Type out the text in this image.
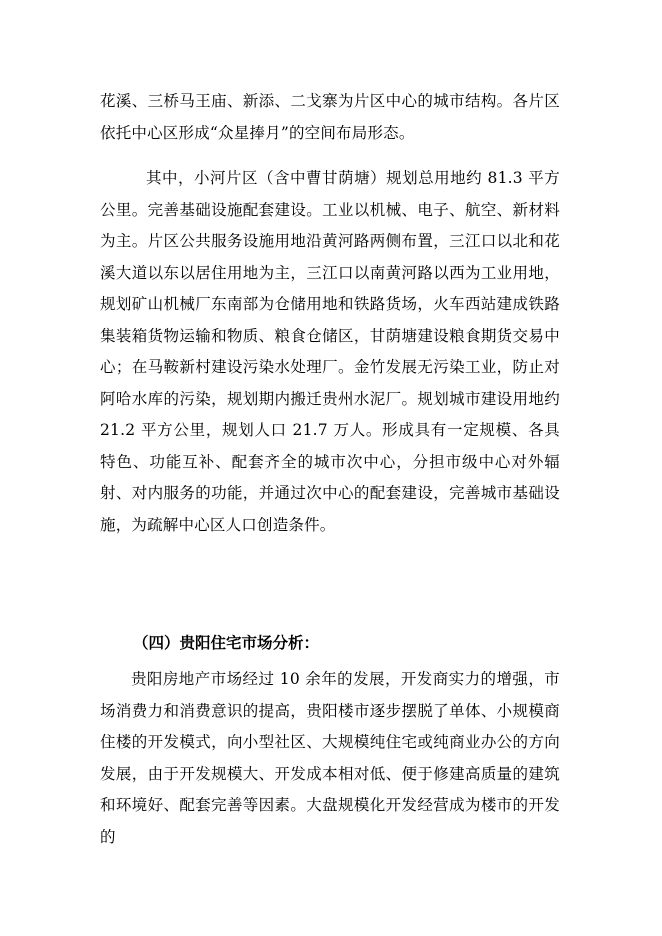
花溪、三桥马王庙、新添、二戈寨为片区中心的城市结构。各片区依托中心区形成“众星捧月”的空间布局形态。

其中，小河片区（含中曹甘荫塘）规划总用地约 81.3 平方公里。完善基础设施配套建设。工业以机械、电子、航空、新材料为主。片区公共服务设施用地沿黄河路两侧布置，三江口以北和花溪大道以东以居住用地为主，三江口以南黄河路以西为工业用地，规划矿山机械厂东南部为仓储用地和铁路货场，火车西站建成铁路集装箱货物运输和物质、粮食仓储区，甘荫塘建设粮食期货交易中心；在马鞍新村建设污染水处理厂。金竹发展无污染工业，防止对阿哈水库的污染，规划期内搬迁贵州水泥厂。规划城市建设用地约 21.2 平方公里，规划人口 21.7 万人。形成具有一定规模、各具特色、功能互补、配套齐全的城市次中心，分担市级中心对外辐射、对内服务的功能，并通过次中心的配套建设，完善城市基础设施，为疏解中心区人口创造条件。

（四）贵阳住宅市场分析：

贵阳房地产市场经过 10 余年的发展，开发商实力的增强，市场消费力和消费意识的提高，贵阳楼市逐步摆脱了单体、小规模商住楼的开发模式，向小型社区、大规模纯住宅或纯商业办公的方向发展，由于开发规模大、开发成本相对低、便于修建高质量的建筑和环境好、配套完善等因素。大盘规模化开发经营成为楼市的开发的
